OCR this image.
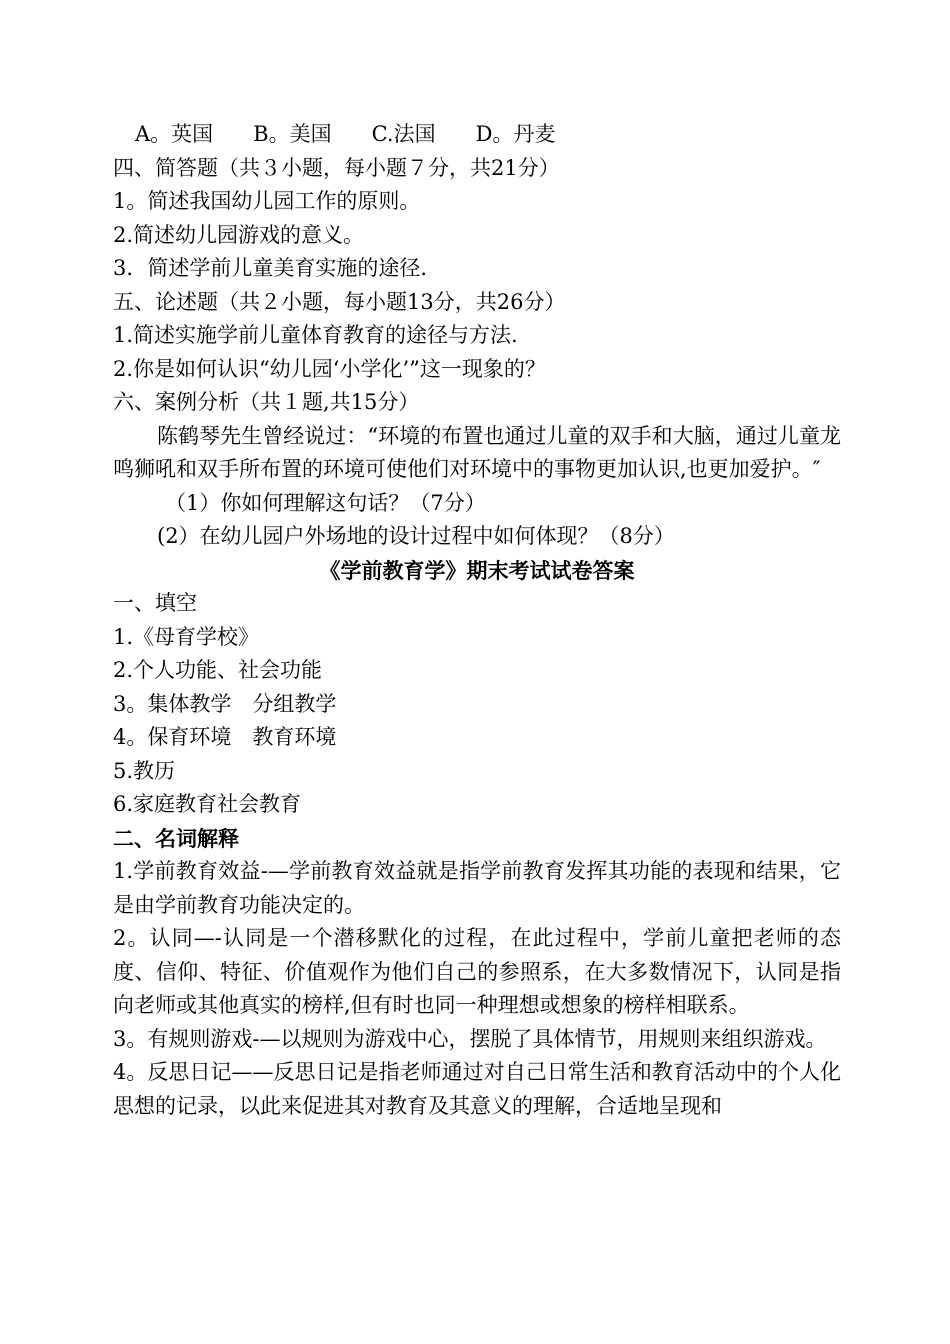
A。英国 B。美国 C.法国 D。丹麦

四、简答题（共３小题，每小题７分，共21分）

1。简述我国幼儿园工作的原则。

2.简述幼儿园游戏的意义。

3．简述学前儿童美育实施的途径.

五、论述题（共２小题，每小题13分，共26分）

1.简述实施学前儿童体育教育的途径与方法.

2.你是如何认识“幼儿园‘小学化’”这一现象的？

六、案例分析（共１题,共15分）

陈鹤琴先生曾经说过：“环境的布置也通过儿童的双手和大脑，通过儿童龙鸣狮吼和双手所布置的环境可使他们对环境中的事物更加认识,也更加爱护。″

（1）你如何理解这句话？（7分）

(2）在幼儿园户外场地的设计过程中如何体现？（8分）

《学前教育学》期末考试试卷答案

一、填空

1.《母育学校》

2.个人功能、社会功能

3。集体教学　分组教学

4。保育环境　教育环境

5.教历

6.家庭教育社会教育

二、名词解释

1.学前教育效益-—学前教育效益就是指学前教育发挥其功能的表现和结果，它是由学前教育功能决定的。

2。认同—-认同是一个潜移默化的过程，在此过程中，学前儿童把老师的态度、信仰、特征、价值观作为他们自己的参照系，在大多数情况下，认同是指向老师或其他真实的榜样,但有时也同一种理想或想象的榜样相联系。

3。有规则游戏-—以规则为游戏中心，摆脱了具体情节，用规则来组织游戏。

4。反思日记——反思日记是指老师通过对自己日常生活和教育活动中的个人化思想的记录，以此来促进其对教育及其意义的理解，合适地呈现和
